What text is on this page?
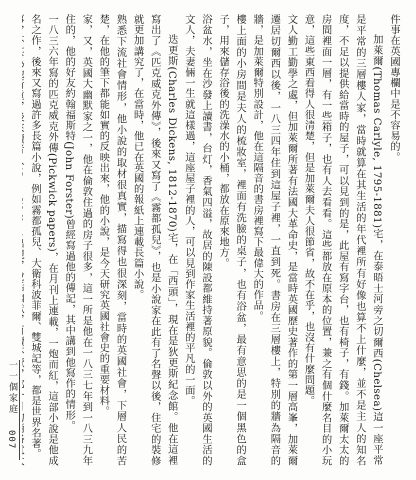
件事在英國專欄中是不容易的。

加萊爾(Thomas Carlyle, 1795-1881)宅，在泰晤士河旁之切爾西(Chelsea)這一座平常是平常的三層樓人家，當時就算在其生活的年代裡所有好像也算不上什麼，並不是主人的知名度，不足以提供給當時的屋子，可以見到的是，此屋有寫字台，也有椅子，有錢。加萊爾太太的房間裡面一層，有一些箱子，也有人去看看。這些都放在原本的位置，兼之有個什麼名目的小玩意，這些東西看得人很清楚，但是加萊爾夫人很節省，故不在乎，也沒有什麼問題。

文人勤工勤學之處，但加萊爾所著有法國大革命史，是當時英國歷史著作的第一層高峯，加萊爾遷居切爾西以後，一八三四年住到這屋子裡，一直到死。書房在三層樓上，特別的牆為隔音的牆，是加萊爾特別設計，他在這隔音的書房裡寫下最偉大的作品。

樓上面的小房間是夫人的梳妝室，裡面有洗臉的桌子，也有浴盆，最有意思的是一個黑色的盒子，用來儲存浴後的洗澡水的小桶，都放在原來地方。

浴盆水，坐在沙發上讀書，台灯，香氣四溢，故居的陳設都維持著原貌。倫敦以外的英國生活的文人，夫妻倆一生就這樣過，這座屋子裡的人，可以見到作家生活裡的平凡的一面。

迭更斯(Charles Dickens, 1812-1870)宅，在「西頭」，現在是狄更斯紀念館。他在這裡寫出了《匹克威克外傳》，後來又寫了《霧都孤兒》，也是小說家在此有了名聲以後，住宅的裝修就更加講究了，在當時，他已在英國的報紙上連載長篇小說。

熟悉下流社會情形，他小說的取材很真實，描寫得也很深刻，當時的英國社會，下層人民的苦楚，在他的筆下都能如實的反映出來，他的小說，是今天研究英國社會史的重要材料。

家，又，英國大幽默家之一，他在倫敦住過的房子很多，這一所是他在一八三七年到一八三九年住的，他的好友約翰福斯特(John Forster)曾經寫過他的傳記，其中講到他寫作的情形。

一八三六年寫的匹克威克外傳(Pickwick papers)，在月刊上連載，一炮而紅，這部小說是他成名之作，後來又寫過許多長篇小說，例如霧都孤兒、大衛科波菲爾、雙城記等，都是世界名著。

一一個家庭
007
